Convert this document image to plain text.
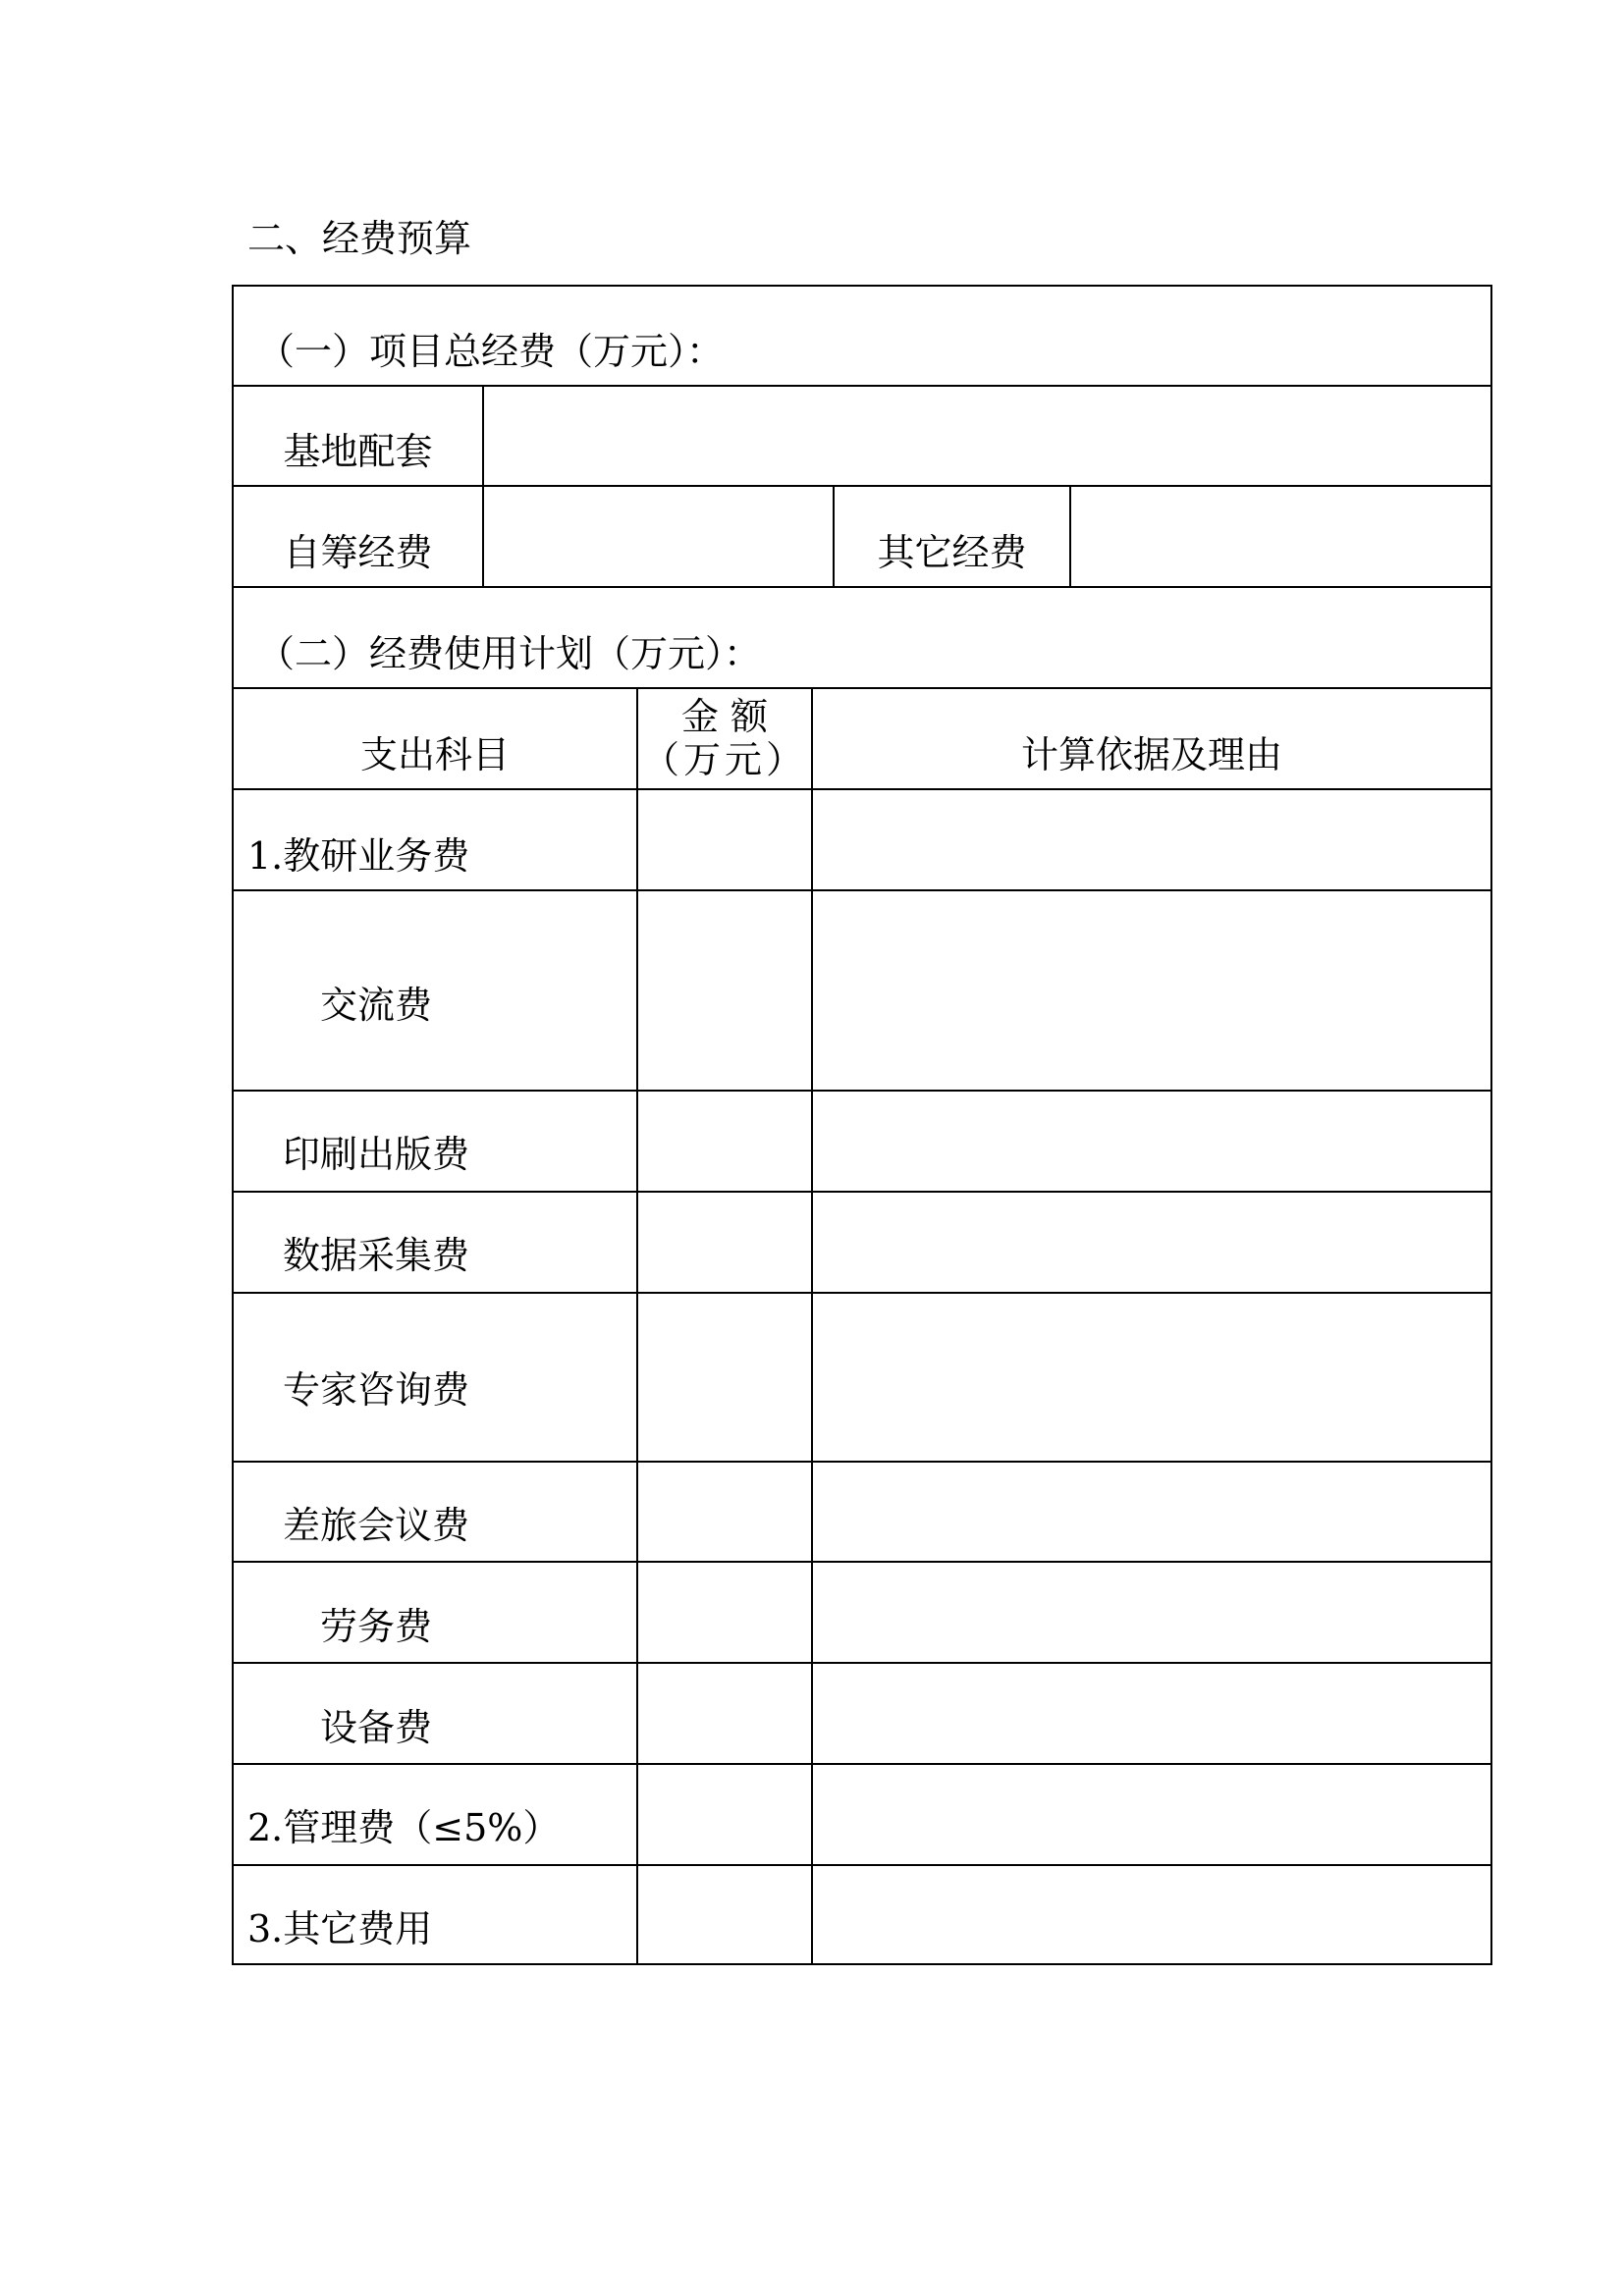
二、经费预算
（一）项目总经费（万元）：
基地配套
自筹经费	其它经费
（二）经费使用计划（万元）：
支出科目
金 额
（万元）	计算依据及理由
1.教研业务费
交流费
印刷出版费
数据采集费
专家咨询费
差旅会议费
劳务费
设备费
2.管理费（≤5%）
3.其它费用
